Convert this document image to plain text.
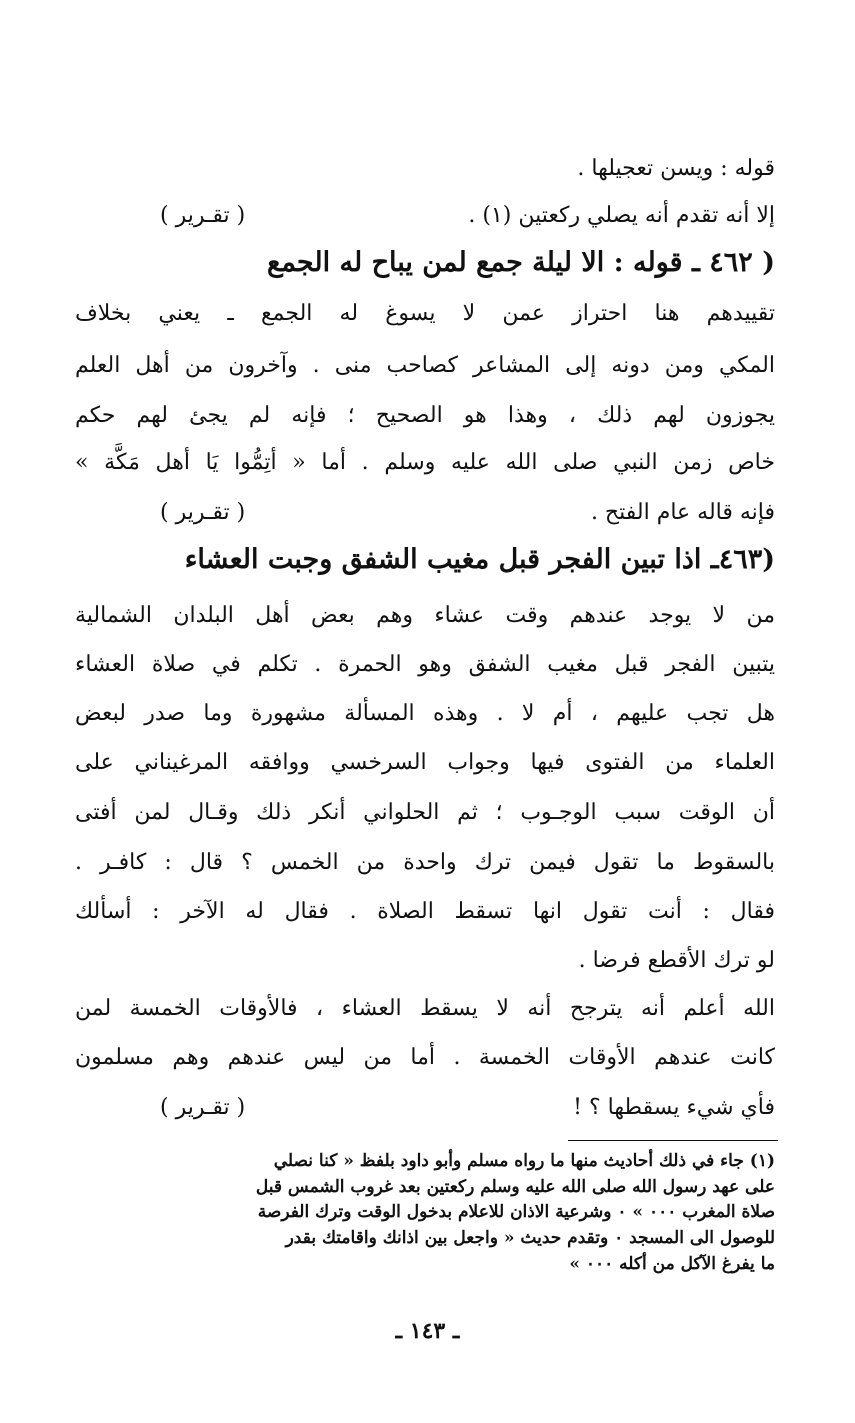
قوله : ويسن تعجيلها .
إلا أنه تقدم أنه يصلي ركعتين (١) .
( تقـرير )
( ٤٦٢ ـ قوله : الا ليلة جمع لمن يباح له الجمع
تقييدهم هنا احتراز عمن لا يسوغ له الجمع ـ يعني بخلاف
المكي ومن دونه إلى المشاعر كصاحب منى . وآخرون من أهل العلم
يجوزون لهم ذلك ، وهذا هو الصحيح ؛ فإنه لم يجئ لهم حكم
خاص زمن النبي صلى الله عليه وسلم . أما « أتِمُّوا يَا أهل مَكَّة »
فإنه قاله عام الفتح .
( تقـرير )
(٤٦٣ـ اذا تبين الفجر قبل مغيب الشفق وجبت العشاء
من لا يوجد عندهم وقت عشاء وهم بعض أهل البلدان الشمالية
يتبين الفجر قبل مغيب الشفق وهو الحمرة . تكلم في صلاة العشاء
هل تجب عليهم ، أم لا . وهذه المسألة مشهورة وما صدر لبعض
العلماء من الفتوى فيها وجواب السرخسي ووافقه المرغيناني على
أن الوقت سبب الوجـوب ؛ ثم الحلواني أنكر ذلك وقـال لمن أفتى
بالسقوط ما تقول فيمن ترك واحدة من الخمس ؟ قال : كافـر .
فقال : أنت تقول انها تسقط الصلاة . فقال له الآخر : أسألك
لو ترك الأقطع فرضا .
الله أعلم أنه يترجح أنه لا يسقط العشاء ، فالأوقات الخمسة لمن
كانت عندهم الأوقات الخمسة . أما من ليس عندهم وهم مسلمون
فأي شيء يسقطها ؟ !
( تقـرير )
(١) جاء في ذلك أحاديث منها ما رواه مسلم وأبو داود بلفظ « كنا نصلي
على عهد رسول الله صلى الله عليه وسلم ركعتين بعد غروب الشمس قبل
صلاة المغرب ٠٠٠ » ٠ وشرعية الاذان للاعلام بدخول الوقت وترك الفرصة
للوصول الى المسجد ٠ وتقدم حديث « واجعل بين اذانك واقامتك بقدر
ما يفرغ الآكل من أكله ٠٠٠ »
ـ ١٤٣ ـ
